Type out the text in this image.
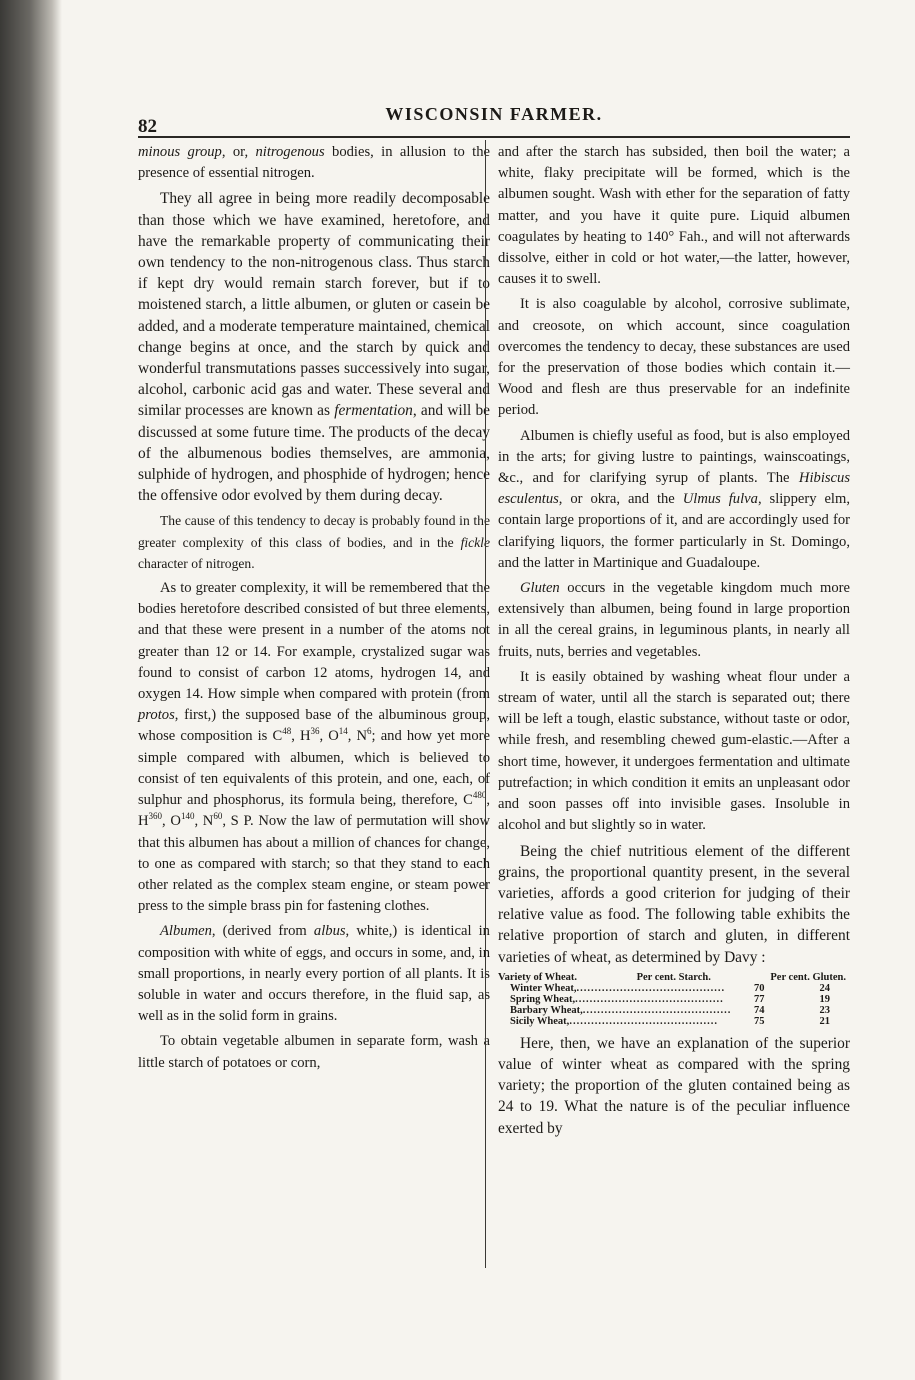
82
WISCONSIN FARMER.

minous group, or, nitrogenous bodies, in allusion to the presence of essential nitrogen.

They all agree in being more readily decomposable than those which we have examined, heretofore, and have the remarkable property of communicating their own tendency to the non-nitrogenous class. Thus starch if kept dry would remain starch forever, but if to moistened starch, a little albumen, or gluten or casein be added, and a moderate temperature maintained, chemical change begins at once, and the starch by quick and wonderful transmutations passes successively into sugar, alcohol, carbonic acid gas and water. These several and similar processes are known as fermentation, and will be discussed at some future time. The products of the decay of the albumenous bodies themselves, are ammonia, sulphide of hydrogen, and phosphide of hydrogen; hence the offensive odor evolved by them during decay.

The cause of this tendency to decay is probably found in the greater complexity of this class of bodies, and in the fickle character of nitrogen.

As to greater complexity, it will be remembered that the bodies heretofore described consisted of but three elements, and that these were present in a number of the atoms not greater than 12 or 14. For example, crystalized sugar was found to consist of carbon 12 atoms, hydrogen 14, and oxygen 14. How simple when compared with protein (from protos, first,) the supposed base of the albuminous group, whose composition is $C^{48}$, $H^{36}$, $O^{14}$, $N^6$; and how yet more simple compared with albumen, which is believed to consist of ten equivalents of this protein, and one, each, of sulphur and phosphorus, its formula being, therefore, $C^{480}$, $H^{360}$, $O^{140}$, $N^{60}$, S P. Now the law of permutation will show that this albumen has about a million of chances for change, to one as compared with starch; so that they stand to each other related as the complex steam engine, or steam power press to the simple brass pin for fastening clothes.

Albumen, (derived from albus, white,) is identical in composition with white of eggs, and occurs in some, and, in small proportions, in nearly every portion of all plants. It is soluble in water and occurs therefore, in the fluid sap, as well as in the solid form in grains.

To obtain vegetable albumen in separate form, wash a little starch of potatoes or corn,

and after the starch has subsided, then boil the water; a white, flaky precipitate will be formed, which is the albumen sought. Wash with ether for the separation of fatty matter, and you have it quite pure. Liquid albumen coagulates by heating to 140° Fah., and will not afterwards dissolve, either in cold or hot water,—the latter, however, causes it to swell.

It is also coagulable by alcohol, corrosive sublimate, and creosote, on which account, since coagulation overcomes the tendency to decay, these substances are used for the preservation of those bodies which contain it.—Wood and flesh are thus preservable for an indefinite period.

Albumen is chiefly useful as food, but is also employed in the arts; for giving lustre to paintings, wainscoatings, &c., and for clarifying syrup of plants. The Hibiscus esculentus, or okra, and the Ulmus fulva, slippery elm, contain large proportions of it, and are accordingly used for clarifying liquors, the former particularly in St. Domingo, and the latter in Martinique and Guadaloupe.

Gluten occurs in the vegetable kingdom much more extensively than albumen, being found in large proportion in all the cereal grains, in leguminous plants, in nearly all fruits, nuts, berries and vegetables.

It is easily obtained by washing wheat flour under a stream of water, until all the starch is separated out; there will be left a tough, elastic substance, without taste or odor, while fresh, and resembling chewed gum-elastic.—After a short time, however, it undergoes fermentation and ultimate putrefaction; in which condition it emits an unpleasant odor and soon passes off into invisible gases. Insoluble in alcohol and but slightly so in water.

Being the chief nutritious element of the different grains, the proportional quantity present, in the several varieties, affords a good criterion for judging of their relative value as food. The following table exhibits the relative proportion of starch and gluten, in different varieties of wheat, as determined by Davy :

Variety of Wheat.	Per cent. Starch.	Per cent. Gluten.
Winter Wheat, .........................................	70	24
Spring Wheat, .........................................	77	19
Barbary Wheat, .........................................	74	23
Sicily Wheat, .........................................	75	21

Here, then, we have an explanation of the superior value of winter wheat as compared with the spring variety; the proportion of the gluten contained being as 24 to 19. What the nature is of the peculiar influence exerted by
